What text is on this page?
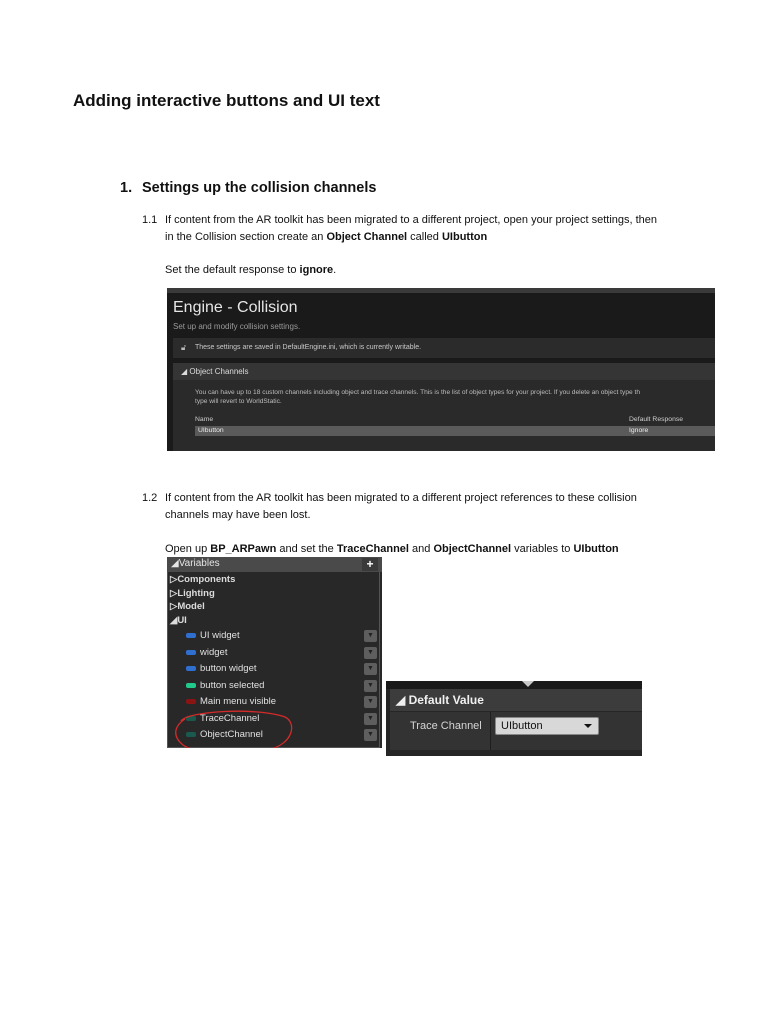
Adding interactive buttons and UI text
1. Settings up the collision channels
1.1 If content from the AR toolkit has been migrated to a different project, open your project settings, then
in the Collision section create an Object Channel called UIbutton
Set the default response to ignore.
Engine - Collision
Set up and modify collision settings.
🔓︎	These settings are saved in DefaultEngine.ini, which is currently writable.
◢ Object Channels
You can have up to 18 custom channels including object and trace channels. This is the list of object types for your project. If you delete an object type th
type will revert to WorldStatic.
Name	Default Response
UIbutton	Ignore
1.2 If content from the AR toolkit has been migrated to a different project references to these collision
channels may have been lost.
Open up BP_ARPawn and set the TraceChannel and ObjectChannel variables to UIbutton
◢Variables	+
▷Components
▷Lighting
▷Model
◢UI
UI widget	▼
widget	▼
button widget	▼
button selected	▼
Main menu visible	▼
TraceChannel	▼
ObjectChannel	▼
◢ Default Value
Trace Channel UIbutton
